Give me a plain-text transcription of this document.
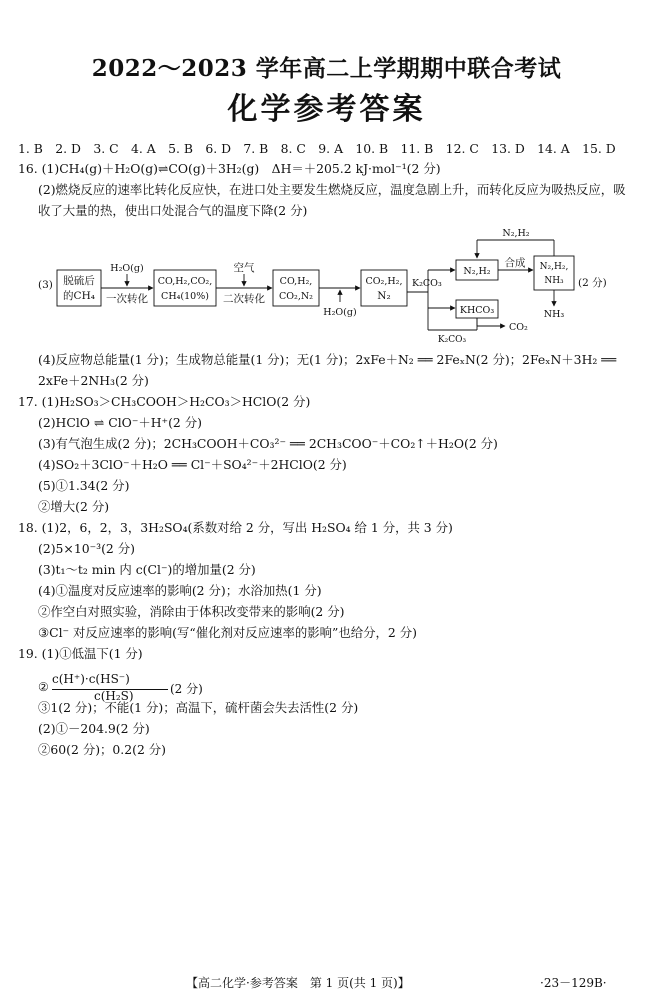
2022～2023 学年高二上学期期中联合考试
化学参考答案
1. B　2. D　3. C　4. A　5. B　6. D　7. B　8. C　9. A　10. B　11. B　12. C　13. D　14. A　15. D
16. (1)CH₄(g)＋H₂O(g)⇌CO(g)＋3H₂(g)　ΔH＝＋205.2 kJ·mol⁻¹(2 分)
(2)燃烧反应的速率比转化反应快，在进口处主要发生燃烧反应，温度急剧上升，而转化反应为吸热反应，吸
收了大量的热，使出口处混合气的温度下降(2 分)
(3) 脱硫后
的CH₄
H₂O(g)
一次转化
CO,H₂,CO₂,
CH₄(10%)
空气
二次转化
CO,H₂,
CO₂,N₂
H₂O(g)
CO₂,H₂,
N₂
K₂CO₃
N₂,H₂
合成 N₂,H₂,
NH₃
N₂,H₂
NH₃
(2 分)
KHCO₃
K₂CO₃
CO₂
(4)反应物总能量(1 分)；生成物总能量(1 分)；无(1 分)；2xFe＋N₂ ══ 2FeₓN(2 分)；2FeₓN＋3H₂ ══
2xFe＋2NH₃(2 分)
17. (1)H₂SO₃＞CH₃COOH＞H₂CO₃＞HClO(2 分)
(2)HClO ⇌ ClO⁻＋H⁺(2 分)
(3)有气泡生成(2 分)；2CH₃COOH＋CO₃²⁻ ══ 2CH₃COO⁻＋CO₂↑＋H₂O(2 分)
(4)SO₂＋3ClO⁻＋H₂O ══ Cl⁻＋SO₄²⁻＋2HClO(2 分)
(5)①1.34(2 分)
②增大(2 分)
18. (1)2，6，2，3，3H₂SO₄(系数对给 2 分，写出 H₂SO₄ 给 1 分，共 3 分)
(2)5×10⁻³(2 分)
(3)t₁～t₂ min 内 c(Cl⁻)的增加量(2 分)
(4)①温度对反应速率的影响(2 分)；水浴加热(1 分)
②作空白对照实验，消除由于体积改变带来的影响(2 分)
③Cl⁻ 对反应速率的影响(写“催化剂对反应速率的影响”也给分，2 分)
19. (1)①低温下(1 分)
②
c(H⁺)·c(HS⁻)
c(H₂S)	(2 分)
③1(2 分)；不能(1 分)；高温下，硫杆菌会失去活性(2 分)
(2)①－204.9(2 分)
②60(2 分)；0.2(2 分)
【高二化学·参考答案　第 1 页(共 1 页)】	·23－129B·
